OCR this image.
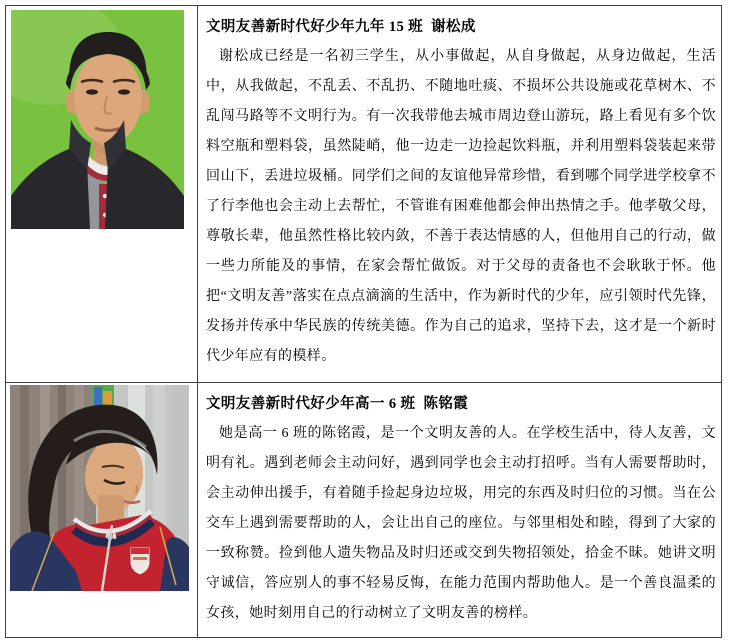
文明友善新时代好少年九年 15 班  谢松成
谢松成已经是一名初三学生，从小事做起，从自身做起，从身边做起，生活中，从我做起，不乱丢、不乱扔、不随地吐痰、不损坏公共设施或花草树木、不乱闯马路等不文明行为。有一次我带他去城市周边登山游玩，路上看见有多个饮料空瓶和塑料袋，虽然陡峭，他一边走一边捡起饮料瓶，并利用塑料袋装起来带回山下，丢进垃圾桶。同学们之间的友谊他异常珍惜，看到哪个同学进学校拿不了行李他也会主动上去帮忙，不管谁有困难他都会伸出热情之手。他孝敬父母，尊敬长辈，他虽然性格比较内敛，不善于表达情感的人，但他用自己的行动，做一些力所能及的事情，在家会帮忙做饭。对于父母的责备也不会耿耿于怀。他把“文明友善”落实在点点滴滴的生活中，作为新时代的少年，应引领时代先锋，发扬并传承中华民族的传统美德。作为自己的追求，坚持下去，这才是一个新时代少年应有的模样。
文明友善新时代好少年高一 6 班  陈铭霞
她是高一 6 班的陈铭霞，是一个文明友善的人。在学校生活中，待人友善，文明有礼。遇到老师会主动问好，遇到同学也会主动打招呼。当有人需要帮助时，会主动伸出援手，有着随手捡起身边垃圾，用完的东西及时归位的习惯。当在公交车上遇到需要帮助的人，会让出自己的座位。与邻里相处和睦，得到了大家的一致称赞。捡到他人遗失物品及时归还或交到失物招领处，拾金不昧。她讲文明守诚信，答应别人的事不轻易反悔，在能力范围内帮助他人。是一个善良温柔的女孩，她时刻用自己的行动树立了文明友善的榜样。
